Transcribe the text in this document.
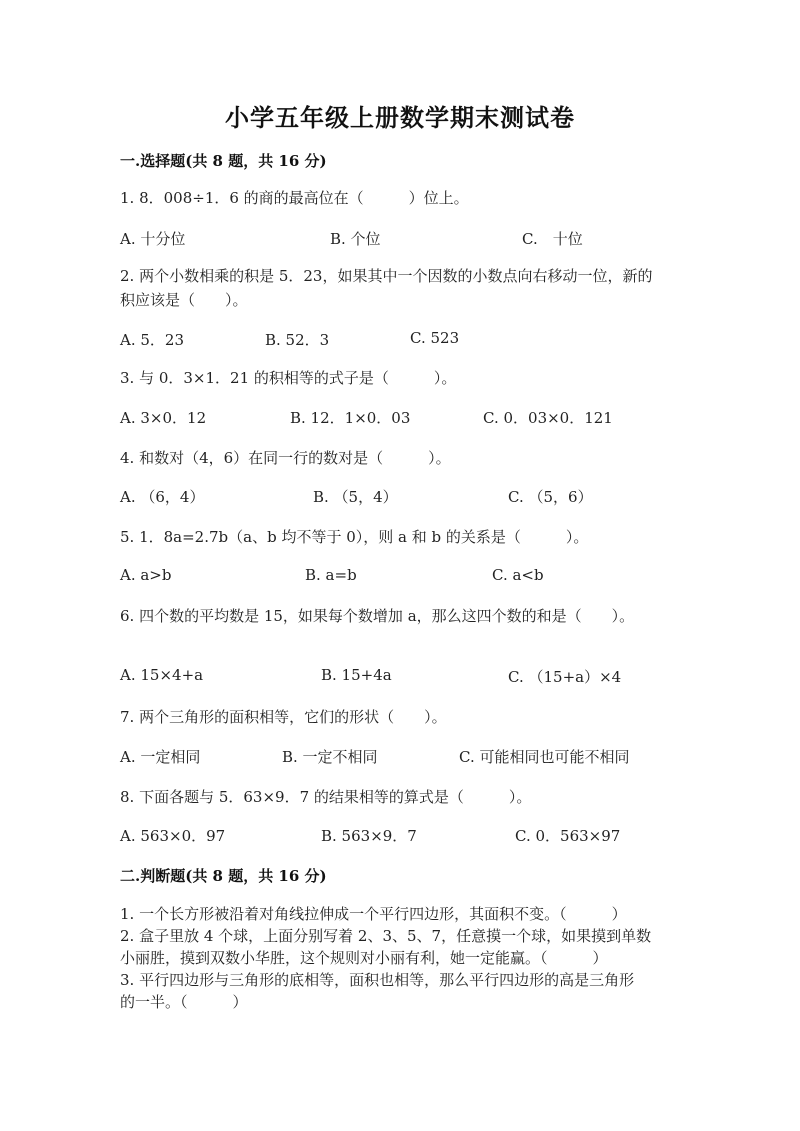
小学五年级上册数学期末测试卷
一.选择题(共 8 题，共 16 分)
1. 8．008÷1．6 的商的最高位在（　　　）位上。
A. 十分位	B. 个位	C.　十位
2. 两个小数相乘的积是 5．23，如果其中一个因数的小数点向右移动一位，新的
积应该是（　　）。
A. 5．23	B. 52．3	C. 523
3. 与 0．3×1．21 的积相等的式子是（　　　）。
A. 3×0．12	B. 12．1×0．03	C. 0．03×0．121
4. 和数对（4，6）在同一行的数对是（　　　）。
A. （6，4）	B. （5，4）	C. （5，6）
5. 1．8a=2.7b（a、b 均不等于 0），则 a 和 b 的关系是（　　　）。
A. a>b	B. a=b	C. a<b
6. 四个数的平均数是 15，如果每个数增加 a，那么这四个数的和是（　　）。
A. 15×4+a	B. 15+4a	C. （15+a）×4
7. 两个三角形的面积相等，它们的形状（　　）。
A. 一定相同	B. 一定不相同	C. 可能相同也可能不相同
8. 下面各题与 5．63×9．7 的结果相等的算式是（　　　）。
A. 563×0．97	B. 563×9．7	C. 0．563×97
二.判断题(共 8 题，共 16 分)
1. 一个长方形被沿着对角线拉伸成一个平行四边形，其面积不变。（　　　）
2. 盒子里放 4 个球，上面分别写着 2、3、5、7，任意摸一个球，如果摸到单数
小丽胜，摸到双数小华胜，这个规则对小丽有利，她一定能赢。（　　　）
3. 平行四边形与三角形的底相等，面积也相等，那么平行四边形的高是三角形
的一半。（　　　）
